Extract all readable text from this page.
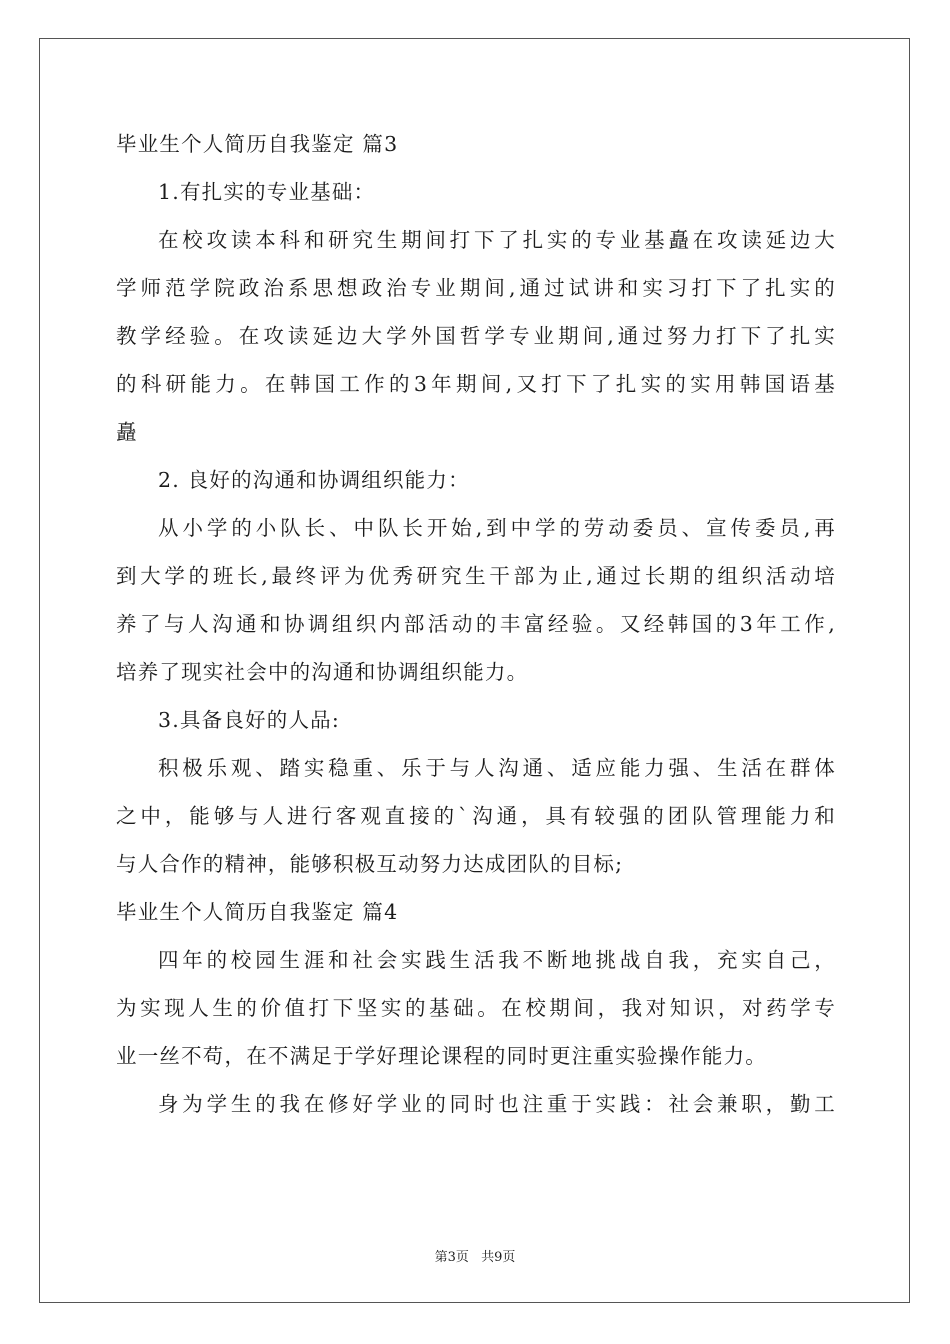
毕业生个人简历自我鉴定 篇3
1.有扎实的专业基础：
在校攻读本科和研究生期间打下了扎实的专业基矗在攻读延边大
学师范学院政治系思想政治专业期间,通过试讲和实习打下了扎实的
教学经验。在攻读延边大学外国哲学专业期间,通过努力打下了扎实
的科研能力。在韩国工作的3年期间,又打下了扎实的实用韩国语基
矗
2. 良好的沟通和协调组织能力：
从小学的小队长、中队长开始,到中学的劳动委员、宣传委员,再
到大学的班长,最终评为优秀研究生干部为止,通过长期的组织活动培
养了与人沟通和协调组织内部活动的丰富经验。又经韩国的3年工作,
培养了现实社会中的沟通和协调组织能力。
3.具备良好的人品:
积极乐观、踏实稳重、乐于与人沟通、适应能力强、生活在群体
之中，能够与人进行客观直接的`沟通，具有较强的团队管理能力和
与人合作的精神，能够积极互动努力达成团队的目标;
毕业生个人简历自我鉴定 篇4
四年的校园生涯和社会实践生活我不断地挑战自我，充实自己，
为实现人生的价值打下坚实的基础。在校期间，我对知识，对药学专
业一丝不苟，在不满足于学好理论课程的同时更注重实验操作能力。
身为学生的我在修好学业的同时也注重于实践：社会兼职，勤工
第3页 共9页
